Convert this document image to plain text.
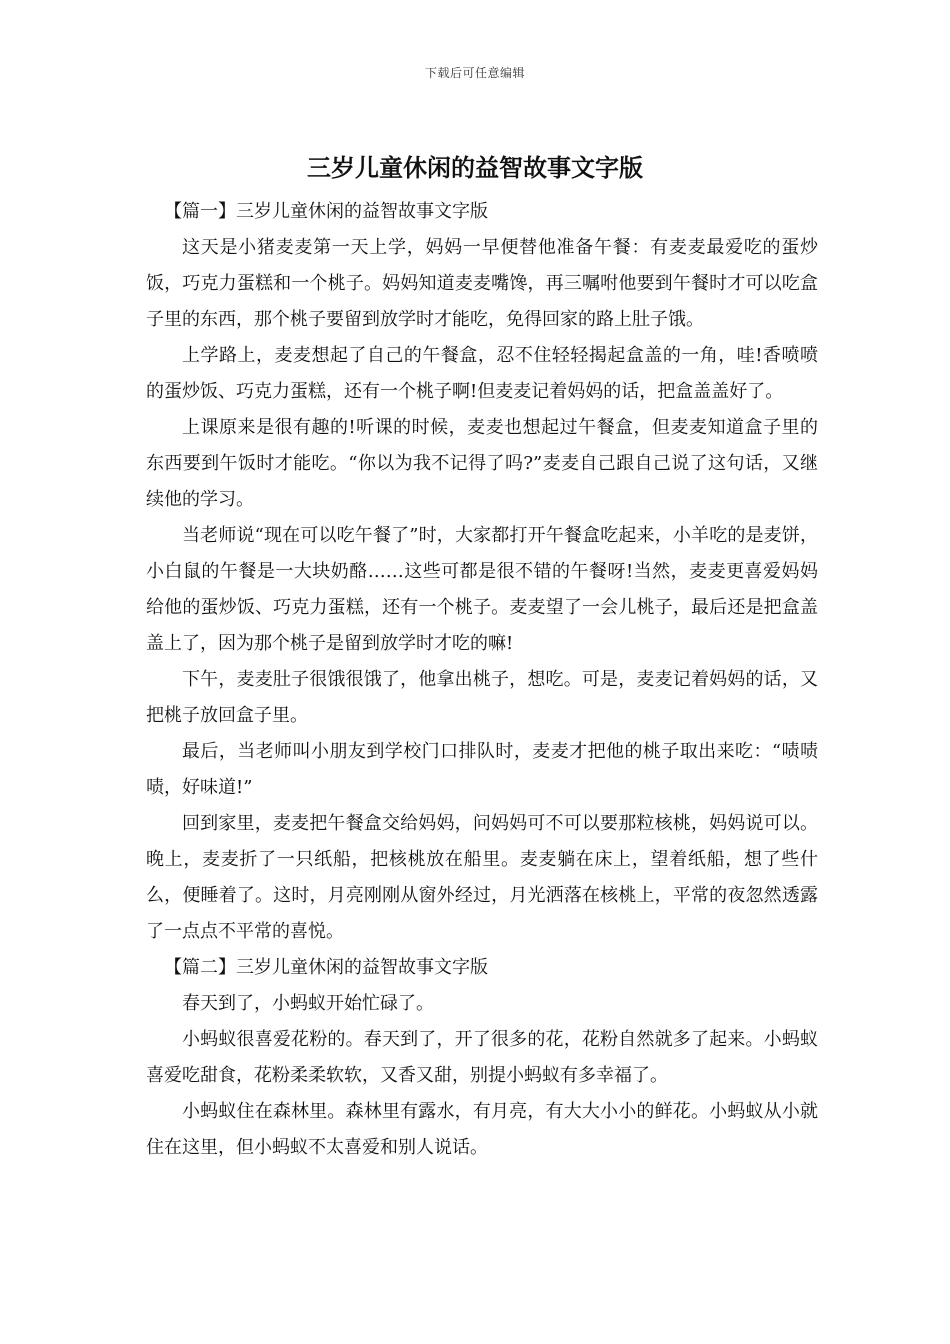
下载后可任意编辑
三岁儿童休闲的益智故事文字版

【篇一】三岁儿童休闲的益智故事文字版

这天是小猪麦麦第一天上学，妈妈一早便替他准备午餐：有麦麦最爱吃的蛋炒饭，巧克力蛋糕和一个桃子。妈妈知道麦麦嘴馋，再三嘱咐他要到午餐时才可以吃盒子里的东西，那个桃子要留到放学时才能吃，免得回家的路上肚子饿。

上学路上，麦麦想起了自己的午餐盒，忍不住轻轻揭起盒盖的一角，哇!香喷喷的蛋炒饭、巧克力蛋糕，还有一个桃子啊!但麦麦记着妈妈的话，把盒盖盖好了。

上课原来是很有趣的!听课的时候，麦麦也想起过午餐盒，但麦麦知道盒子里的东西要到午饭时才能吃。“你以为我不记得了吗?”麦麦自己跟自己说了这句话，又继续他的学习。

当老师说“现在可以吃午餐了”时，大家都打开午餐盒吃起来，小羊吃的是麦饼，小白鼠的午餐是一大块奶酪……这些可都是很不错的午餐呀!当然，麦麦更喜爱妈妈给他的蛋炒饭、巧克力蛋糕，还有一个桃子。麦麦望了一会儿桃子，最后还是把盒盖盖上了，因为那个桃子是留到放学时才吃的嘛!

下午，麦麦肚子很饿很饿了，他拿出桃子，想吃。可是，麦麦记着妈妈的话，又把桃子放回盒子里。

最后，当老师叫小朋友到学校门口排队时，麦麦才把他的桃子取出来吃：“啧啧啧，好味道!”

回到家里，麦麦把午餐盒交给妈妈，问妈妈可不可以要那粒核桃，妈妈说可以。晚上，麦麦折了一只纸船，把核桃放在船里。麦麦躺在床上，望着纸船，想了些什么，便睡着了。这时，月亮刚刚从窗外经过，月光洒落在核桃上，平常的夜忽然透露了一点点不平常的喜悦。

【篇二】三岁儿童休闲的益智故事文字版

春天到了，小蚂蚁开始忙碌了。

小蚂蚁很喜爱花粉的。春天到了，开了很多的花，花粉自然就多了起来。小蚂蚁喜爱吃甜食，花粉柔柔软软，又香又甜，别提小蚂蚁有多幸福了。

小蚂蚁住在森林里。森林里有露水，有月亮，有大大小小的鲜花。小蚂蚁从小就住在这里，但小蚂蚁不太喜爱和别人说话。
